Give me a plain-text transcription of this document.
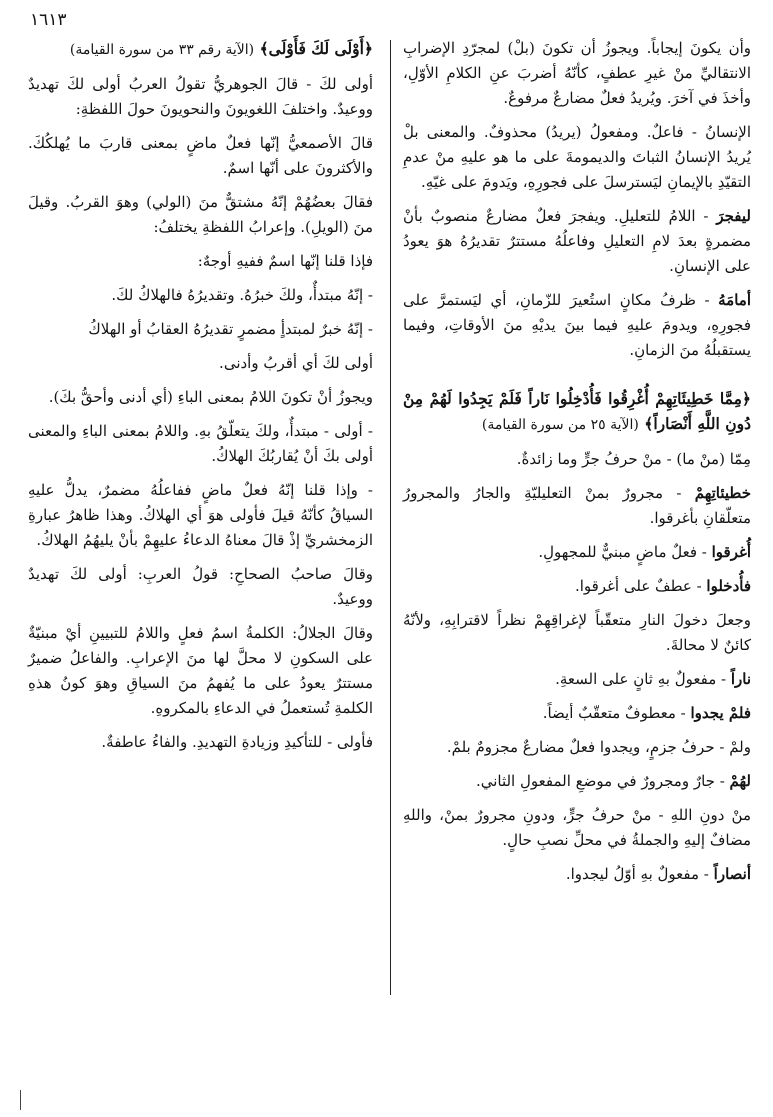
١٦١٣

وأن يكونَ إيجاباً. ويجوزُ أن تكونَ (بلْ) لمجرّدِ الإضرابِ الانتقاليِّ منْ غيرِ عطفٍ، كأنّهُ أضربَ عنِ الكلامِ الأوّلِ، وأخذَ في آخرَ. ويُريدُ فعلٌ مضارعٌ مرفوعٌ.

الإنسانُ - فاعلٌ. ومفعولُ (يريدُ) محذوفٌ. والمعنى بلْ يُريدُ الإنسانُ الثباتَ والديمومةَ على ما هو عليهِ منْ عدمِ التقيّدِ بالإيمانِ ليَسترسلَ على فجورِهِ، ويَدومَ على غيّهِ.

ليفجرَ - اللامُ للتعليلِ. ويفجرَ فعلٌ مضارعٌ منصوبٌ بأنْ مضمرةٍ بعدَ لامِ التعليلِ وفاعلُهُ مستترٌ تقديرُهُ هوَ يعودُ على الإنسانِ.

أمامَهُ - ظرفُ مكانٍ استُعيرَ للزّمانِ، أي ليَستمرَّ على فجورِهِ، ويدومَ عليهِ فيما بينَ يديْهِ منَ الأوقاتِ، وفيما يستقبلُهُ منَ الزمانِ.

﴿مِمَّا خَطِيئَاتِهِمْ أُغْرِقُوا فَأُدْخِلُوا نَاراً فَلَمْ يَجِدُوا لَهُمْ مِنْ دُونِ اللَّهِ أَنْصَاراً﴾ (الآية ٢٥ من سورة القيامة)

مِمّا (منْ ما) - منْ حرفُ جرٍّ وما زائدةٌ.

خطيئاتِهِمْ - مجرورٌ بمنْ التعليليّةِ والجارُ والمجرورُ متعلّقانِ بأغرقوا.

أُغرقوا - فعلٌ ماضٍ مبنيٌّ للمجهولِ.

فأُدخلوا - عطفٌ على أغرقوا.

وجعلَ دخولَ النارِ متعقّباً لإغراقِهِمْ نظراً لاقترابِهِ، ولأنّهُ كائنٌ لا محالةَ.

ناراً - مفعولٌ بهِ ثانٍ على السعةِ.

فلمْ يجدوا - معطوفٌ متعقّبٌ أيضاً.

ولمْ - حرفُ جزمٍ، ويجدوا فعلٌ مضارعٌ مجزومٌ بلمْ.

لهُمْ - جارٌ ومجرورٌ في موضعِ المفعولِ الثاني.

منْ دونِ اللهِ - منْ حرفُ جرٍّ، ودونِ مجرورٌ بمنْ، واللهِ مضافٌ إليهِ والجملةُ في محلِّ نصبِ حالٍ.

أنصاراً - مفعولٌ بهِ أوّلُ ليجدوا.

﴿أَوْلَى لَكَ فَأَوْلَى﴾ (الآية رقم ٣٣ من سورة القيامة)

أولى لكَ - قالَ الجوهريُّ تقولُ العربُ أولى لكَ تهديدٌ ووعيدٌ. واختلفَ اللغويونَ والنحويونَ حولَ اللفظةِ:

قالَ الأصمعيُّ إنّها فعلٌ ماضٍ بمعنى قاربَ ما يُهلكُكَ. والأكثرونَ على أنّها اسمٌ.

فقالَ بعضُهُمْ إنّهُ مشتقٌّ منَ (الولي) وهوَ القربُ. وقيلَ منَ (الويلِ). وإعرابُ اللفظةِ يختلفُ:

فإذا قلنا إنّها اسمٌ ففيهِ أوجهٌ:

- إنّهُ مبتدأٌ، ولكَ خبرُهُ. وتقديرُهُ فالهلاكُ لكَ.

- إنّهُ خبرٌ لمبتدأٍ مضمرٍ تقديرُهُ العقابُ أو الهلاكُ

أولى لكَ أي أقربُ وأدنى.

ويجوزُ أنْ تكونَ اللامُ بمعنى الباءِ (أي أدنى وأحقُّ بكَ).

- أولى - مبتدأٌ، ولكَ يتعلّقُ بهِ. واللامُ بمعنى الباءِ والمعنى أولى بكَ أنْ يُقاربُكَ الهلاكُ.

- وإذا قلنا إنّهُ فعلٌ ماضٍ ففاعلُهُ مضمرٌ، يدلُّ عليهِ السياقُ كأنّهُ قيلَ فأولى هوَ أي الهلاكُ. وهذا ظاهرُ عبارةِ الزمخشريِّ إذْ قالَ معناهُ الدعاءُ عليهِمْ بأنْ يليهُمُ الهلاكُ.

وقالَ صاحبُ الصحاحِ: قولُ العربِ: أولى لكَ تهديدٌ ووعيدٌ.

وقالَ الجلالُ: الكلمةُ اسمُ فعلٍ واللامُ للتبيينِ أيْ مبنيّةٌ على السكونِ لا محلَّ لها منَ الإعرابِ. والفاعلُ ضميرٌ مستترٌ يعودُ على ما يُفهمُ منَ السياقِ وهوَ كونُ هذهِ الكلمةِ تُستعملُ في الدعاءِ بالمكروهِ.

فأولى - للتأكيدِ وزيادةِ التهديدِ. والفاءُ عاطفةٌ.
